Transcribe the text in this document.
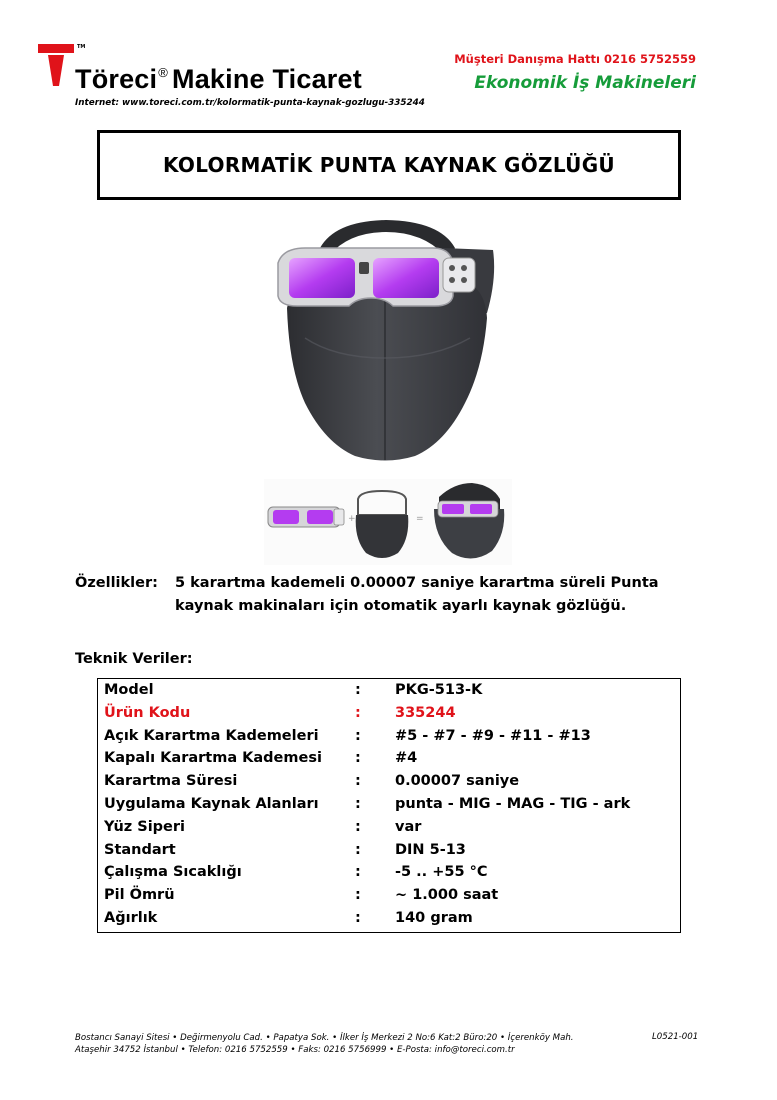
TM
Töreci® Makine Ticaret
Internet: www.toreci.com.tr/kolormatik-punta-kaynak-gozlugu-335244
Müşteri Danışma Hattı 0216 5752559
Ekonomik İş Makineleri
KOLORMATİK PUNTA KAYNAK GÖZLÜĞÜ
+	=
Özellikler: 5 karartma kademeli 0.00007 saniye karartma süreli Punta kaynak makinaları için otomatik ayarlı kaynak gözlüğü.
Teknik Veriler:
Model	: PKG-513-K
Ürün Kodu	: 335244
Açık Karartma Kademeleri	: #5 - #7 - #9 - #11 - #13
Kapalı Karartma Kademesi : #4
Karartma Süresi	: 0.00007 saniye
Uygulama Kaynak Alanları	: punta - MIG - MAG - TIG - ark
Yüz Siperi	: var
Standart	: DIN 5-13
Çalışma Sıcaklığı	: -5 .. +55 °C
Pil Ömrü	: ~ 1.000 saat
Ağırlık	: 140 gram
Bostancı Sanayi Sitesi • Değirmenyolu Cad. • Papatya Sok. • İlker İş Merkezi 2 No:6 Kat:2 Büro:20 • İçerenköy Mah.
Ataşehir 34752 İstanbul • Telefon: 0216 5752559 • Faks: 0216 5756999 • E-Posta: info@toreci.com.tr
L0521-001
